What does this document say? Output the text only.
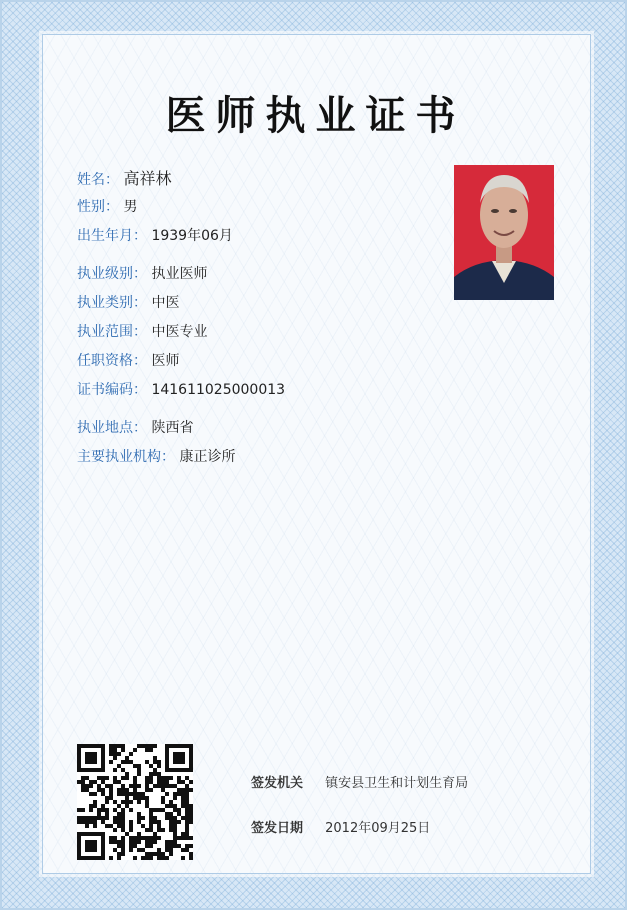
医师执业证书
姓名： 高祥林
性别： 男
出生年月： 1939年06月
执业级别： 执业医师
执业类别： 中医
执业范围： 中医专业
任职资格： 医师
证书编码： 141611025000013
执业地点： 陕西省
主要执业机构： 康正诊所
签发机关 镇安县卫生和计划生育局
签发日期 2012年09月25日
